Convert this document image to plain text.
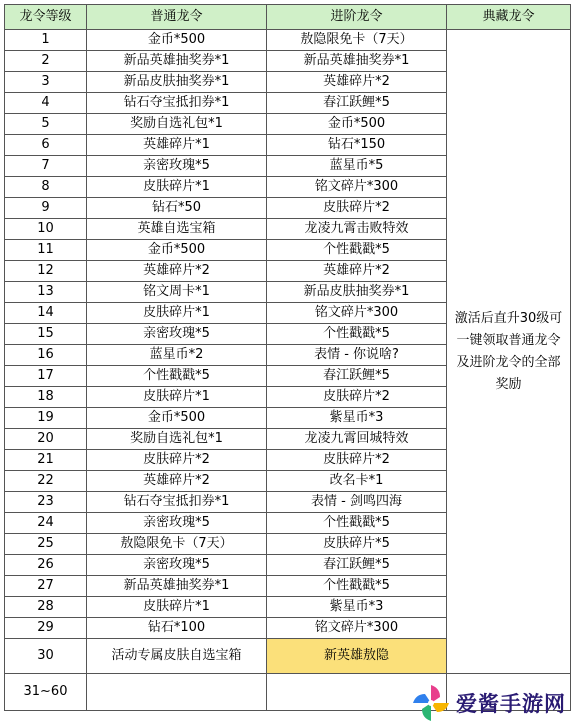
龙令等级	普通龙令	进阶龙令	典藏龙令
1	金币*500	敖隐限免卡（7天）	激活后直升30级可一键领取普通龙令及进阶龙令的全部奖励
2	新品英雄抽奖券*1	新品英雄抽奖券*1	
3	新品皮肤抽奖券*1	英雄碎片*2	
4	钻石夺宝抵扣券*1	春江跃鲤*5	
5	奖励自选礼包*1	金币*500	
6	英雄碎片*1	钻石*150	
7	亲密玫瑰*5	蓝星币*5	
8	皮肤碎片*1	铭文碎片*300	
9	钻石*50	皮肤碎片*2	
10	英雄自选宝箱	龙凌九霄击败特效	
11	金币*500	个性戳戳*5	
12	英雄碎片*2	英雄碎片*2	
13	铭文周卡*1	新品皮肤抽奖券*1	
14	皮肤碎片*1	铭文碎片*300	
15	亲密玫瑰*5	个性戳戳*5	
16	蓝星币*2	表情 - 你说啥?	
17	个性戳戳*5	春江跃鲤*5	
18	皮肤碎片*1	皮肤碎片*2	
19	金币*500	紫星币*3	
20	奖励自选礼包*1	龙凌九霄回城特效	
21	皮肤碎片*2	皮肤碎片*2	
22	英雄碎片*2	改名卡*1	
23	钻石夺宝抵扣券*1	表情 - 剑鸣四海	
24	亲密玫瑰*5	个性戳戳*5	
25	敖隐限免卡（7天）	皮肤碎片*5	
26	亲密玫瑰*5	春江跃鲤*5	
27	新品英雄抽奖券*1	个性戳戳*5	
28	皮肤碎片*1	紫星币*3	
29	钻石*100	铭文碎片*300	
30	活动专属皮肤自选宝箱	新英雄敖隐	
31~60			
爱酱手游网
